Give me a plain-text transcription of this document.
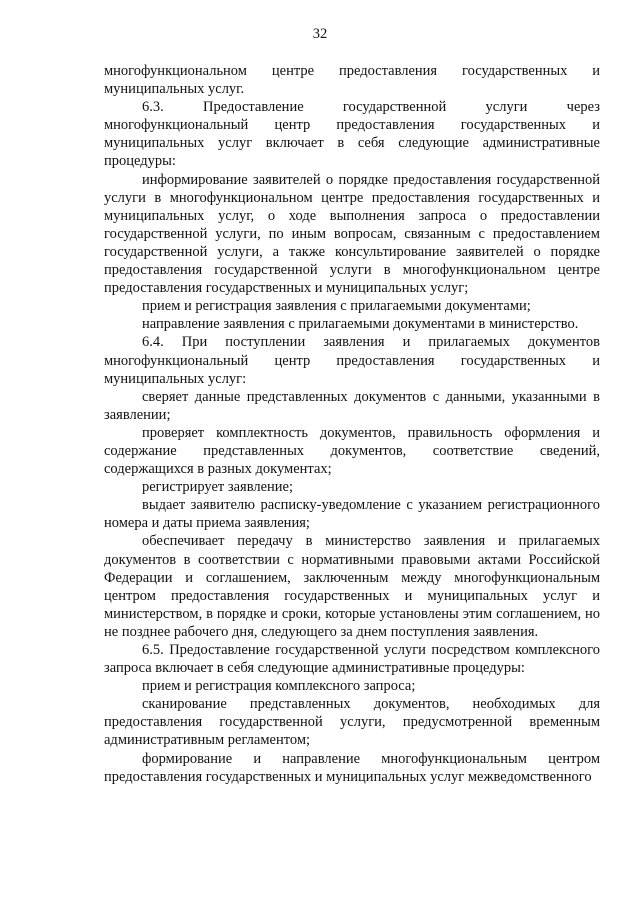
32

многофункциональном центре предоставления государственных и муниципальных услуг.

6.3. Предоставление государственной услуги через многофункциональный центр предоставления государственных и муниципальных услуг включает в себя следующие административные процедуры:

информирование заявителей о порядке предоставления государственной услуги в многофункциональном центре предоставления государственных и муниципальных услуг, о ходе выполнения запроса о предоставлении государственной услуги, по иным вопросам, связанным с предоставлением государственной услуги, а также консультирование заявителей о порядке предоставления государственной услуги в многофункциональном центре предоставления государственных и муниципальных услуг;

прием и регистрация заявления с прилагаемыми документами;

направление заявления с прилагаемыми документами в министерство.

6.4. При поступлении заявления и прилагаемых документов многофункциональный центр предоставления государственных и муниципальных услуг:

сверяет данные представленных документов с данными, указанными в заявлении;

проверяет комплектность документов, правильность оформления и содержание представленных документов, соответствие сведений, содержащихся в разных документах;

регистрирует заявление;

выдает заявителю расписку-уведомление с указанием регистрационного номера и даты приема заявления;

обеспечивает передачу в министерство заявления и прилагаемых документов в соответствии с нормативными правовыми актами Российской Федерации и соглашением, заключенным между многофункциональным центром предоставления государственных и муниципальных услуг и министерством, в порядке и сроки, которые установлены этим соглашением, но не позднее рабочего дня, следующего за днем поступления заявления.

6.5. Предоставление государственной услуги посредством комплексного запроса включает в себя следующие административные процедуры:

прием и регистрация комплексного запроса;

сканирование представленных документов, необходимых для предоставления государственной услуги, предусмотренной временным административным регламентом;

формирование и направление многофункциональным центром предоставления государственных и муниципальных услуг межведомственного
